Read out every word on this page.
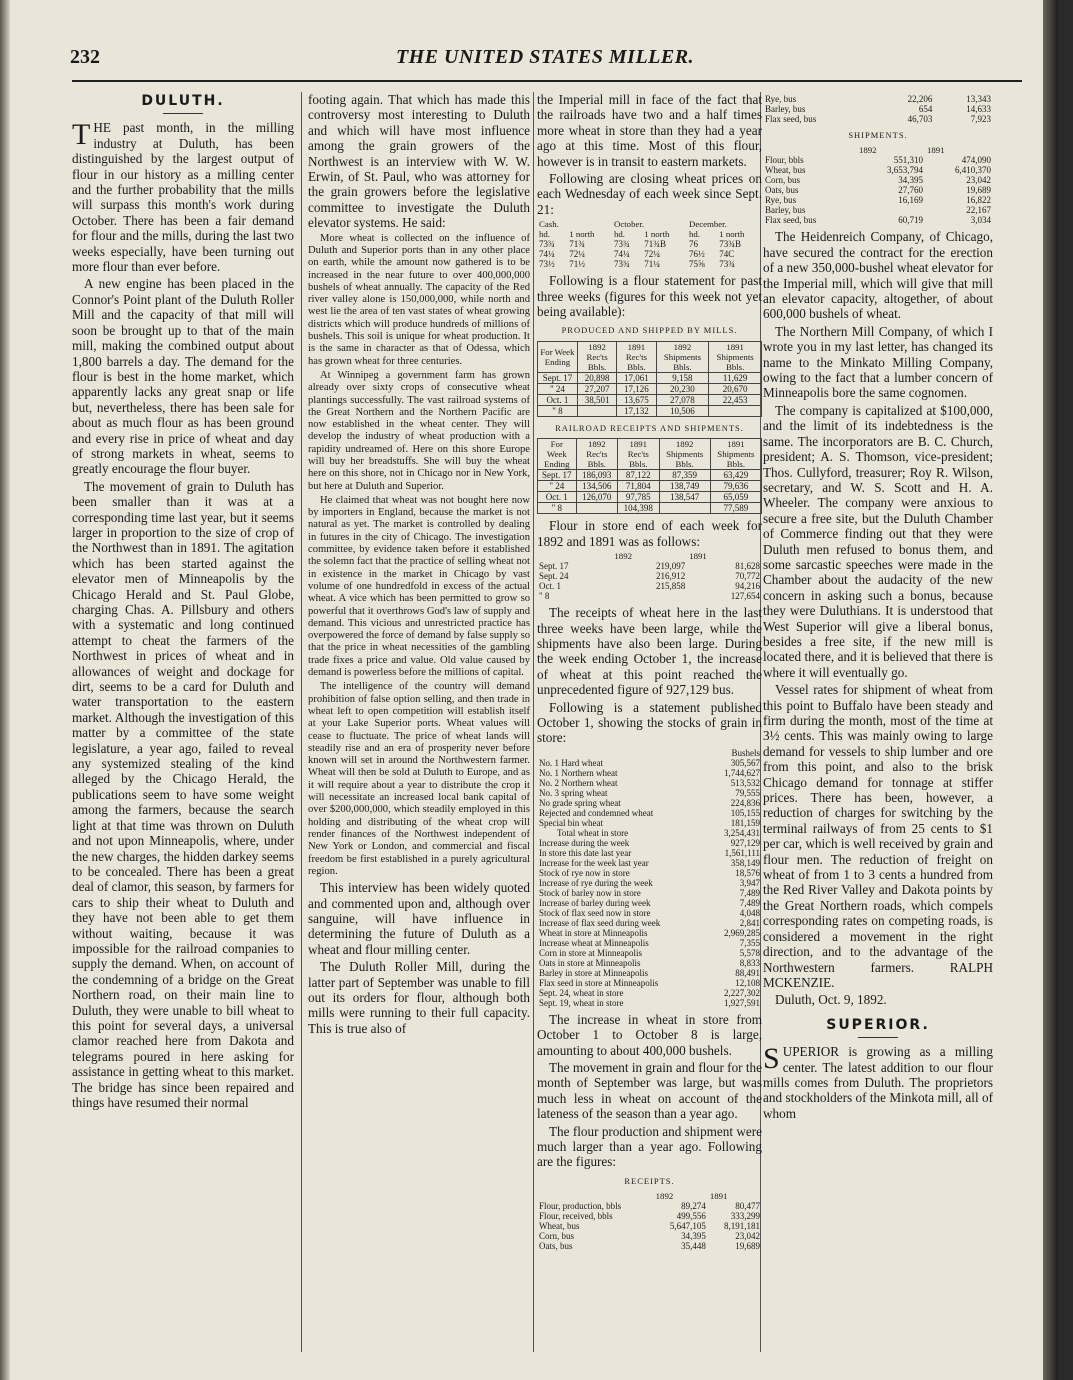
232	THE UNITED STATES MILLER.
DULUTH.

THE past month, in the milling industry at Duluth, has been distinguished by the largest output of flour in our history as a milling center and the further probability that the mills will surpass this month's work during October. There has been a fair demand for flour and the mills, during the last two weeks especially, have been turning out more flour than ever before.

A new engine has been placed in the Connor's Point plant of the Duluth Roller Mill and the capacity of that mill will soon be brought up to that of the main mill, making the combined output about 1,800 barrels a day. The demand for the flour is best in the home market, which apparently lacks any great snap or life but, nevertheless, there has been sale for about as much flour as has been ground and every rise in price of wheat and day of strong markets in wheat, seems to greatly encourage the flour buyer.

The movement of grain to Duluth has been smaller than it was at a corresponding time last year, but it seems larger in proportion to the size of crop of the Northwest than in 1891. The agitation which has been started against the elevator men of Minneapolis by the Chicago Herald and St. Paul Globe, charging Chas. A. Pillsbury and others with a systematic and long continued attempt to cheat the farmers of the Northwest in prices of wheat and in allowances of weight and dockage for dirt, seems to be a card for Duluth and water transportation to the eastern market. Although the investigation of this matter by a committee of the state legislature, a year ago, failed to reveal any systemized stealing of the kind alleged by the Chicago Herald, the publications seem to have some weight among the farmers, because the search light at that time was thrown on Duluth and not upon Minneapolis, where, under the new charges, the hidden darkey seems to be concealed. There has been a great deal of clamor, this season, by farmers for cars to ship their wheat to Duluth and they have not been able to get them without waiting, because it was impossible for the railroad companies to supply the demand. When, on account of the condemning of a bridge on the Great Northern road, on their main line to Duluth, they were unable to bill wheat to this point for several days, a universal clamor reached here from Dakota and telegrams poured in here asking for assistance in getting wheat to this market. The bridge has since been repaired and things have resumed their normal

footing again. That which has made this controversy most interesting to Duluth and which will have most influence among the grain growers of the Northwest is an interview with W. W. Erwin, of St. Paul, who was attorney for the grain growers before the legislative committee to investigate the Duluth elevator systems. He said:

More wheat is collected on the influence of Duluth and Superior ports than in any other place on earth, while the amount now gathered is to be increased in the near future to over 400,000,000 bushels of wheat annually. The capacity of the Red river valley alone is 150,000,000, while north and west lie the area of ten vast states of wheat growing districts which will produce hundreds of millions of bushels. This soil is unique for wheat production. It is the same in character as that of Odessa, which has grown wheat for three centuries.

At Winnipeg a government farm has grown already over sixty crops of consecutive wheat plantings successfully. The vast railroad systems of the Great Northern and the Northern Pacific are now established in the wheat center. They will develop the industry of wheat production with a rapidity undreamed of. Here on this shore Europe will buy her breadstuffs. She will buy the wheat here on this shore, not in Chicago nor in New York, but here at Duluth and Superior.

He claimed that wheat was not bought here now by importers in England, because the market is not natural as yet. The market is controlled by dealing in futures in the city of Chicago. The investigation committee, by evidence taken before it established the solemn fact that the practice of selling wheat not in existence in the market in Chicago by vast volume of one hundredfold in excess of the actual wheat. A vice which has been permitted to grow so powerful that it overthrows God's law of supply and demand. This vicious and unrestricted practice has overpowered the force of demand by false supply so that the price in wheat necessities of the gambling trade fixes a price and value. Old value caused by demand is powerless before the millions of capital.

The intelligence of the country will demand prohibition of false option selling, and then trade in wheat left to open competition will establish itself at your Lake Superior ports. Wheat values will cease to fluctuate. The price of wheat lands will steadily rise and an era of prosperity never before known will set in around the Northwestern farmer. Wheat will then be sold at Duluth to Europe, and as it will require about a year to distribute the crop it will necessitate an increased local bank capital of over $200,000,000, which steadily employed in this holding and distributing of the wheat crop will render finances of the Northwest independent of New York or London, and commercial and fiscal freedom be first established in a purely agricultural region.

This interview has been widely quoted and commented upon and, although over sanguine, will have influence in determining the future of Duluth as a wheat and flour milling center.

The Duluth Roller Mill, during the latter part of September was unable to fill out its orders for flour, although both mills were running to their full capacity. This is true also of

the Imperial mill in face of the fact that the railroads have two and a half times more wheat in store than they had a year ago at this time. Most of this flour, however is in transit to eastern markets.

Following are closing wheat prices on each Wednesday of each week since Sept. 21:

Cash.		October.		December.	
hd.	1 north	hd.	1 north	hd.	1 north
73¾	71¾	73¾	71¾B	76	73¾B
74¼	72¼	74¼	72¼	76½	74C
73½	71½	73¾	71¼	75⅝	73¾

Following is a flour statement for past three weeks (figures for this week not yet being available):

PRODUCED AND SHIPPED BY MILLS.
For Week Ending	1892 Rec'ts Bbls.	1891 Rec'ts Bbls.	1892 Shipments Bbls.	1891 Shipments Bbls.
Sept. 17	20,898	17,061	9,158	11,629
" 24	27,207	17,126	20,230	20,670
Oct. 1	38,501	13,675	27,078	22,453
" 8		17,132	10,506	
RAILROAD RECEIPTS AND SHIPMENTS.
For Week Ending	1892 Rec'ts Bbls.	1891 Rec'ts Bbls.	1892 Shipments Bbls.	1891 Shipments Bbls.
Sept. 17	186,093	87,122	87,359	63,429
" 24	134,506	71,804	138,749	79,636
Oct. 1	126,070	97,785	138,547	65,059
" 8		104,398		77,589

Flour in store end of each week for 1892 and 1891 was as follows:

	1892	1891
Sept. 17	219,097	81,628
Sept. 24	216,912	70,772
Oct. 1	215,858	94,216
" 8		127,654

The receipts of wheat here in the last three weeks have been large, while the shipments have also been large. During the week ending October 1, the increase of wheat at this point reached the unprecedented figure of 927,129 bus.

Following is a statement published October 1, showing the stocks of grain in store:

	Bushels
No. 1 Hard wheat	305,567
No. 1 Northern wheat	1,744,627
No. 2 Northern wheat	513,532
No. 3 spring wheat	79,555
No grade spring wheat	224,836
Rejected and condemned wheat	105,155
Special bin wheat	181,159
Total wheat in store	3,254,431
Increase during the week	927,129
In store this date last year	1,561,111
Increase for the week last year	358,149
Stock of rye now in store	18,576
Increase of rye during the week	3,947
Stock of barley now in store	7,489
Increase of barley during week	7,489
Stock of flax seed now in store	4,048
Increase of flax seed during week	2,841
Wheat in store at Minneapolis	2,969,285
Increase wheat at Minneapolis	7,355
Corn in store at Minneapolis	5,578
Oats in store at Minneapolis	8,833
Barley in store at Minneapolis	88,491
Flax seed in store at Minneapolis	12,108
Sept. 24, wheat in store	2,227,302
Sept. 19, wheat in store	1,927,591

The increase in wheat in store from October 1 to October 8 is large, amounting to about 400,000 bushels.

The movement in grain and flour for the month of September was large, but was much less in wheat on account of the lateness of the season than a year ago.

The flour production and shipment were much larger than a year ago. Following are the figures:

RECEIPTS.
	1892	1891
Flour, production, bbls	89,274	80,477
Flour, received, bbls	499,556	333,299
Wheat, bus	5,647,105	8,191,181
Corn, bus	34,395	23,042
Oats, bus	35,448	19,689
Rye, bus	22,206	13,343
Barley, bus	654	14,633
Flax seed, bus	46,703	7,923
SHIPMENTS.
	1892	1891
Flour, bbls	551,310	474,090
Wheat, bus	3,653,794	6,410,370
Corn, bus	34,395	23,042
Oats, bus	27,760	19,689
Rye, bus	16,169	16,822
Barley, bus		22,167
Flax seed, bus	60,719	3,034

The Heidenreich Company, of Chicago, have secured the contract for the erection of a new 350,000-bushel wheat elevator for the Imperial mill, which will give that mill an elevator capacity, altogether, of about 600,000 bushels of wheat.

The Northern Mill Company, of which I wrote you in my last letter, has changed its name to the Minkato Milling Company, owing to the fact that a lumber concern of Minneapolis bore the same cognomen.

The company is capitalized at $100,000, and the limit of its indebtedness is the same. The incorporators are B. C. Church, president; A. S. Thomson, vice-president; Thos. Cullyford, treasurer; Roy R. Wilson, secretary, and W. S. Scott and H. A. Wheeler. The company were anxious to secure a free site, but the Duluth Chamber of Commerce finding out that they were Duluth men refused to bonus them, and some sarcastic speeches were made in the Chamber about the audacity of the new concern in asking such a bonus, because they were Duluthians. It is understood that West Superior will give a liberal bonus, besides a free site, if the new mill is located there, and it is believed that there is where it will eventually go.

Vessel rates for shipment of wheat from this point to Buffalo have been steady and firm during the month, most of the time at 3½ cents. This was mainly owing to large demand for vessels to ship lumber and ore from this point, and also to the brisk Chicago demand for tonnage at stiffer prices. There has been, however, a reduction of charges for switching by the terminal railways of from 25 cents to $1 per car, which is well received by grain and flour men. The reduction of freight on wheat of from 1 to 3 cents a hundred from the Red River Valley and Dakota points by the Great Northern roads, which compels corresponding rates on competing roads, is considered a movement in the right direction, and to the advantage of the Northwestern farmers.	RALPH MCKENZIE.

Duluth, Oct. 9, 1892.

SUPERIOR.

SUPERIOR is growing as a milling center. The latest addition to our flour mills comes from Duluth. The proprietors and stockholders of the Minkota mill, all of whom
